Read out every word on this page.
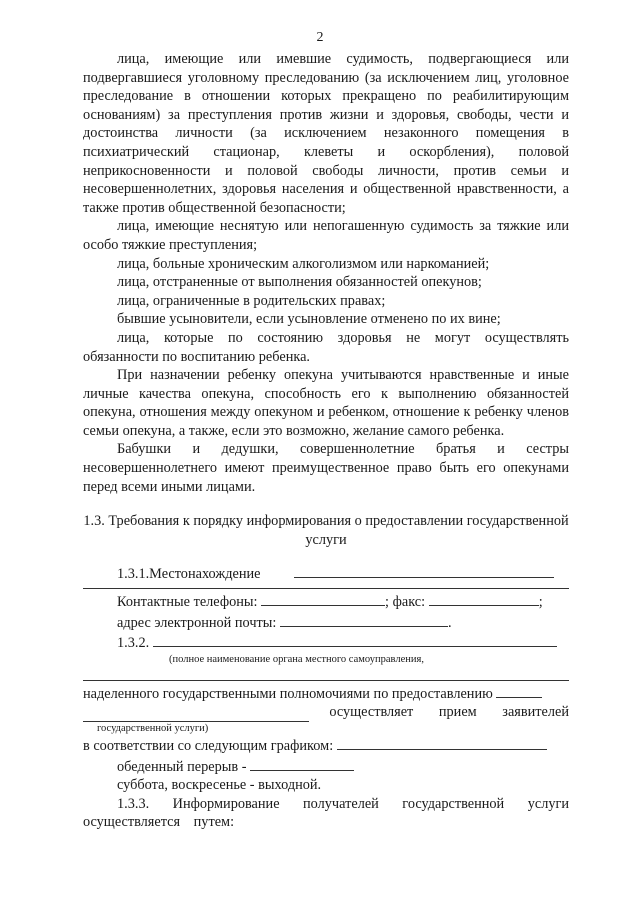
2

лица, имеющие или имевшие судимость, подвергающиеся или подвергавшиеся уголовному преследованию (за исключением лиц, уголовное преследование в отношении которых прекращено по реабилитирующим основаниям) за преступления против жизни и здоровья, свободы, чести и достоинства личности (за исключением незаконного помещения в психиатрический стационар, клеветы и оскорбления), половой неприкосновенности и половой свободы личности, против семьи и несовершеннолетних, здоровья населения и общественной нравственности, а также против общественной безопасности;

лица, имеющие неснятую или непогашенную судимость за тяжкие или особо тяжкие преступления;

лица, больные хроническим алкоголизмом или наркоманией;

лица, отстраненные от выполнения обязанностей опекунов;

лица, ограниченные в родительских правах;

бывшие усыновители, если усыновление отменено по их вине;

лица, которые по состоянию здоровья не могут осуществлять обязанности по воспитанию ребенка.

При назначении ребенку опекуна учитываются нравственные и иные личные качества опекуна, способность его к выполнению обязанностей опекуна, отношения между опекуном и ребенком, отношение к ребенку членов семьи опекуна, а также, если это возможно, желание самого ребенка.

Бабушки и дедушки, совершеннолетние братья и сестры несовершеннолетнего имеют преимущественное право быть его опекунами перед всеми иными лицами.

1.3. Требования к порядку информирования о предоставлении государственной услуги

1.3.1.Местонахождение
Контактные телефоны:	; факс:	;
адрес электронной почты:	.
1.3.2.
(полное наименование органа местного самоуправления,
наделенного государственными полномочиями по предоставлению
осуществляет прием заявителей
государственной услуги)
в соответствии со следующим графиком:
обеденный перерыв -
суббота, воскресенье - выходной.

1.3.3. Информирование получателей государственной услуги осуществляется путем:
